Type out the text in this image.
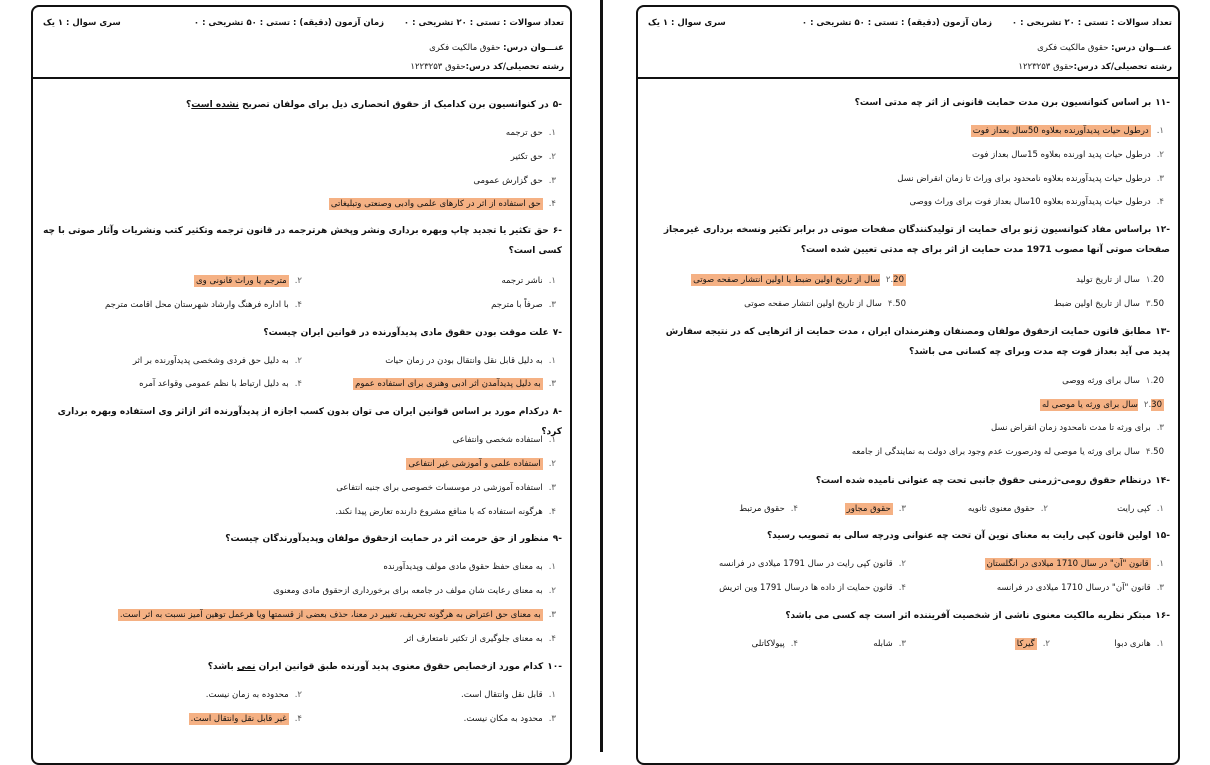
تعداد سوالات : تستی : ۲۰ تشریحی : ۰
زمان آزمون (دقیقه) : تستی : ۵۰ تشریحی : ۰
سری سوال : ۱ یک
عنـــوان درس: حقوق مالکیت فکری
رشته تحصیلی/کد درس:حقوق ۱۲۲۳۲۵۳
-۵در کنوانسیون برن کدامیک از حقوق انحصاری ذیل برای مولفان تصریح نشده است؟
۱.حق ترجمه
۲.حق تکثیر
۳.حق گزارش عمومی
۴.حق استفاده از اثر در کارهای علمی وادبی وصنعتی وتبلیغاتی
-۶حق تکثیر یا تجدید چاپ وبهره برداری ونشر وپخش هرترجمه در قانون ترجمه وتکثیر کتب ونشریات وآثار صوتی با چه کسی است؟
۱.ناشر ترجمه
۲.مترجم یا وراث قانونی وی
۳.صرفاً با مترجم
۴.با اداره فرهنگ وارشاد شهرستان محل اقامت مترجم
-۷علت موقت بودن حقوق مادی پدیدآورنده در قوانین ایران چیست؟
۱.به دلیل قابل نقل وانتقال بودن در زمان حیات
۲.به دلیل حق فردی وشخصی پدیدآورنده بر اثر
۳.به دلیل پدیدآمدن اثر ادبی وهنری برای استفاده عموم
۴.به دلیل ارتباط با نظم عمومی وقواعد آمره
-۸درکدام مورد بر اساس قوانین ایران می توان بدون کسب اجازه از پدیدآورنده اثر ازاثر وی استفاده وبهره برداری کرد؟
۱.استفاده شخصی وانتفاعی
۲.استفاده علمی و آموزشی غیر انتفاعی
۳.استفاده آموزشی در موسسات خصوصی برای جنبه انتفاعی
۴.هرگونه استفاده که با منافع مشروع دارنده تعارض پیدا نکند.
-۹منظور از حق حرمت اثر در حمایت ازحقوق مولفان وپدیدآورندگان چیست؟
۱.به معنای حفظ حقوق مادی مولف وپدیدآورنده
۲.به معنای رعایت شان مولف در جامعه برای برخورداری ازحقوق مادی ومعنوی
۳.به معنای حق اعتراض به هرگونه تحریف، تغییر در معنا، حذف بعضی از قسمتها ویا هرعمل توهین آمیز نسبت به اثر است.
۴.به معنای جلوگیری از تکثیر نامتعارف اثر
-۱۰کدام مورد ازخصایص حقوق معنوی پدید آورنده طبق قوانین ایران نمی باشد؟
۱.قابل نقل وانتقال است.
۲.محدوده به زمان نیست.
۳.محدود به مکان نیست.
۴.غیر قابل نقل وانتقال است.
تعداد سوالات : تستی : ۲۰ تشریحی : ۰
زمان آزمون (دقیقه) : تستی : ۵۰ تشریحی : ۰
سری سوال : ۱ یک
عنـــوان درس: حقوق مالکیت فکری
رشته تحصیلی/کد درس:حقوق ۱۲۲۳۲۵۳
-۱۱بر اساس کنوانسیون برن مدت حمایت قانونی از اثر چه مدتی است؟
۱.درطول حیات پدیدآورنده بعلاوه 50سال بعداز فوت
۲.درطول حیات پدید اورنده بعلاوه 15سال بعداز فوت
۳.درطول حیات پدیدآورنده بعلاوه نامحدود برای وراث تا زمان انقراض نسل
۴.درطول حیات پدیدآورنده بعلاوه 10سال بعداز فوت برای وراث ووصی
-۱۲براساس مفاد کنوانسیون ژنو برای حمایت از تولیدکنندگان صفحات صوتی در برابر تکثیر ونسخه برداری غیرمجاز صفحات صوتی آنها مصوب 1971 مدت حمایت از اثر برای چه مدتی تعیین شده است؟
۱.20سال از تاریخ تولید
۲.20سال از تاریخ اولین ضبط یا اولین انتشار صفحه صوتی
۳.50سال از تاریخ اولین ضبط
۴.50سال از تاریخ اولین انتشار صفحه صوتی
-۱۳مطابق قانون حمایت ازحقوق مولفان ومصنفان وهنرمندان ایران ، مدت حمایت از اثرهایی که در نتیجه سفارش پدید می آید بعداز فوت چه مدت وبرای چه کسانی می باشد؟
۱.20سال برای ورثه ووصی
۲.30سال برای ورثه یا موصی له
۳.برای ورثه تا مدت نامحدود زمان انقراض نسل
۴.50سال برای ورثه یا موصی له ودرصورت عدم وجود برای دولت به نمایندگی از جامعه
-۱۴درنظام حقوق رومی-ژرمنی حقوق جانبی تحت چه عنوانی نامیده شده است؟
۱.کپی رایت
۲.حقوق معنوی ثانویه
۳.حقوق مجاور
۴.حقوق مرتبط
-۱۵اولین قانون کپی رایت به معنای نوین آن تحت چه عنوانی ودرچه سالی به تصویب رسید؟
۱.قانون "آن" در سال 1710 میلادی در انگلستان
۲.قانون کپی رایت در سال 1791 میلادی در فرانسه
۳.قانون "آن" درسال 1710 میلادی در فرانسه
۴.قانون حمایت از داده ها درسال 1791 وین اتریش
-۱۶مبتکر نظریه مالکیت معنوی ناشی از شخصیت آفریننده اثر است چه کسی می باشد؟
۱.هانری دبوا
۲.گیرکا
۳.شابله
۴.پیولاکاتلی
